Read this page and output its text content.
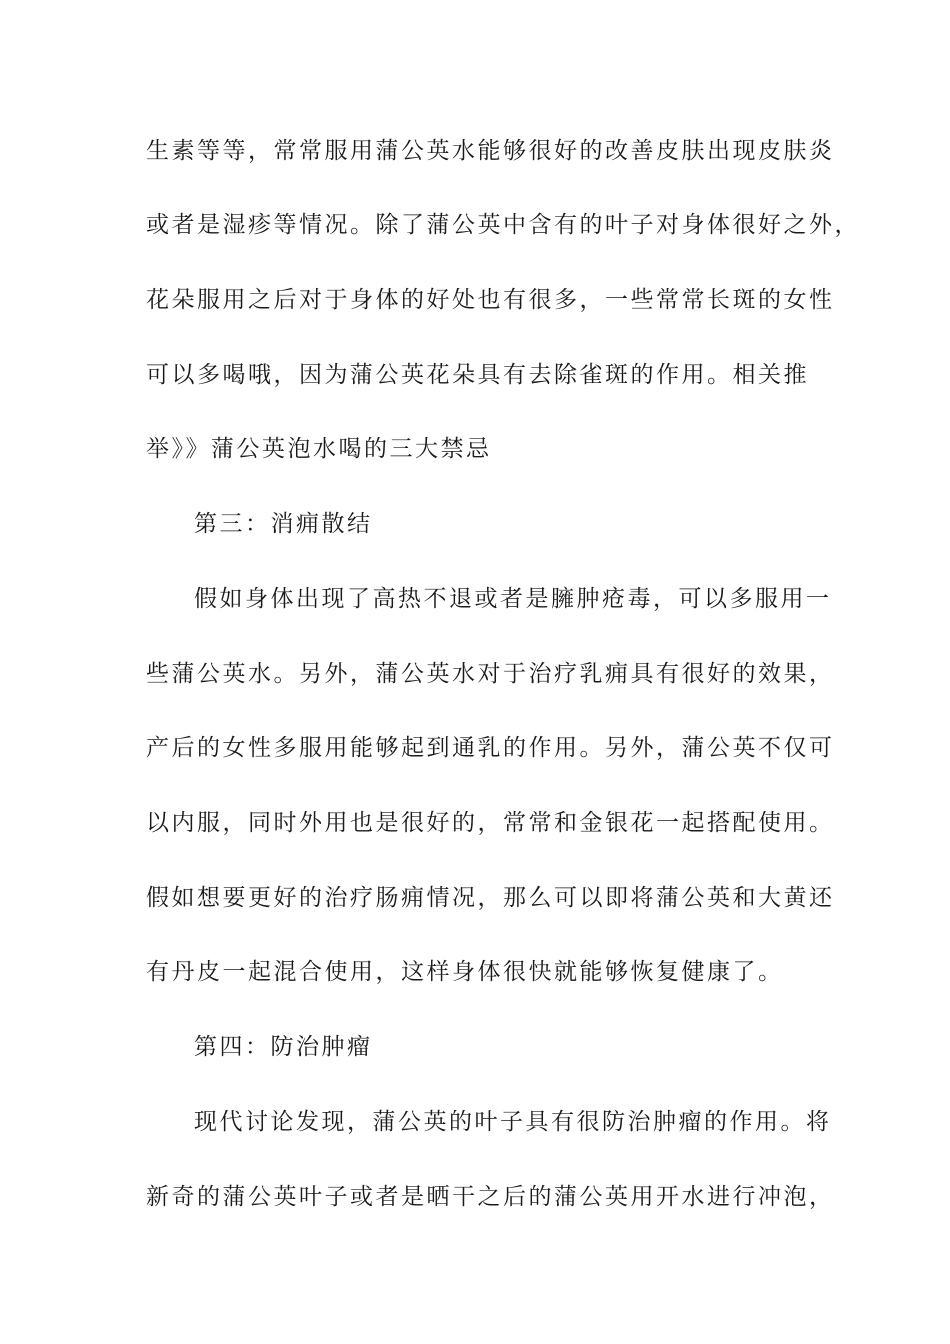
生素等等，常常服用蒲公英水能够很好的改善皮肤出现皮肤炎
或者是湿疹等情况。除了蒲公英中含有的叶子对身体很好之外，
花朵服用之后对于身体的好处也有很多，一些常常长斑的女性
可以多喝哦，因为蒲公英花朵具有去除雀斑的作用。相关推
举》》蒲公英泡水喝的三大禁忌
第三：消痈散结
假如身体出现了高热不退或者是臃肿疮毒，可以多服用一
些蒲公英水。另外，蒲公英水对于治疗乳痈具有很好的效果，
产后的女性多服用能够起到通乳的作用。另外，蒲公英不仅可
以内服，同时外用也是很好的，常常和金银花一起搭配使用。
假如想要更好的治疗肠痈情况，那么可以即将蒲公英和大黄还
有丹皮一起混合使用，这样身体很快就能够恢复健康了。
第四：防治肿瘤
现代讨论发现，蒲公英的叶子具有很防治肿瘤的作用。将
新奇的蒲公英叶子或者是晒干之后的蒲公英用开水进行冲泡，
